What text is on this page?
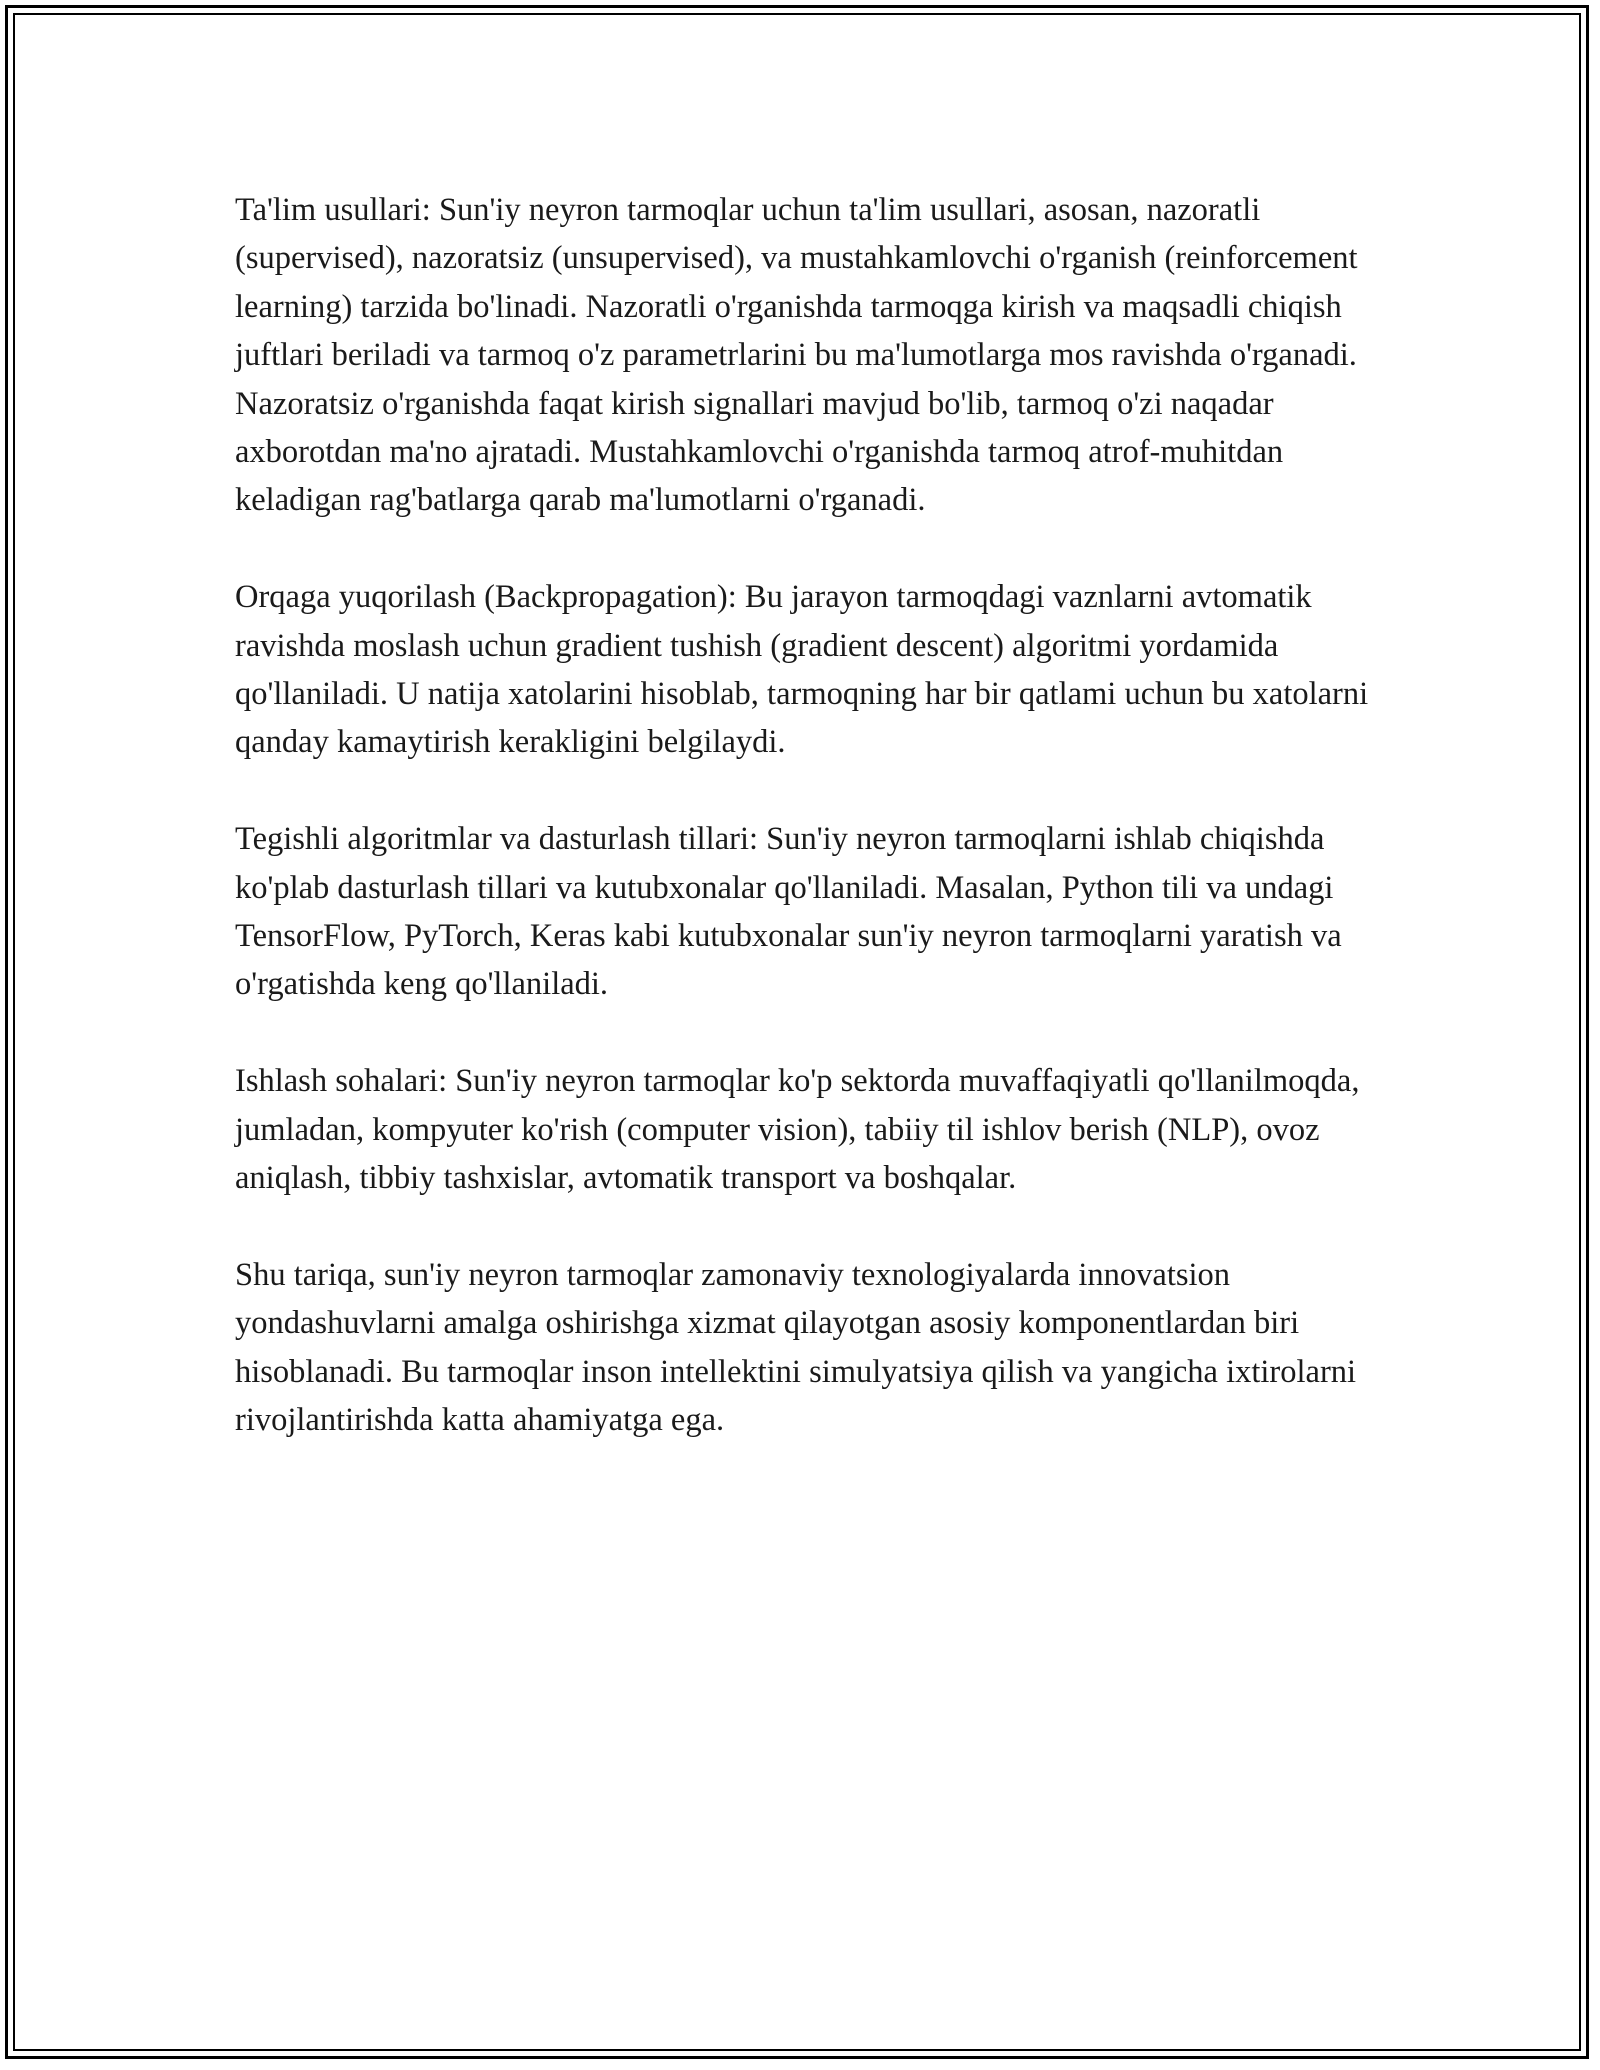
Ta'lim usullari: Sun'iy neyron tarmoqlar uchun ta'lim usullari, asosan, nazoratli (supervised), nazoratsiz (unsupervised), va mustahkamlovchi o'rganish (reinforcement learning) tarzida bo'linadi. Nazoratli o'rganishda tarmoqga kirish va maqsadli chiqish juftlari beriladi va tarmoq o'z parametrlarini bu ma'lumotlarga mos ravishda o'rganadi. Nazoratsiz o'rganishda faqat kirish signallari mavjud bo'lib, tarmoq o'zi naqadar axborotdan ma'no ajratadi. Mustahkamlovchi o'rganishda tarmoq atrof-muhitdan keladigan rag'batlarga qarab ma'lumotlarni o'rganadi.

Orqaga yuqorilash (Backpropagation): Bu jarayon tarmoqdagi vaznlarni avtomatik ravishda moslash uchun gradient tushish (gradient descent) algoritmi yordamida qo'llaniladi. U natija xatolarini hisoblab, tarmoqning har bir qatlami uchun bu xatolarni qanday kamaytirish kerakligini belgilaydi.

Tegishli algoritmlar va dasturlash tillari: Sun'iy neyron tarmoqlarni ishlab chiqishda ko'plab dasturlash tillari va kutubxonalar qo'llaniladi. Masalan, Python tili va undagi TensorFlow, PyTorch, Keras kabi kutubxonalar sun'iy neyron tarmoqlarni yaratish va o'rgatishda keng qo'llaniladi.

Ishlash sohalari: Sun'iy neyron tarmoqlar ko'p sektorda muvaffaqiyatli qo'llanilmoqda, jumladan, kompyuter ko'rish (computer vision), tabiiy til ishlov berish (NLP), ovoz aniqlash, tibbiy tashxislar, avtomatik transport va boshqalar.

Shu tariqa, sun'iy neyron tarmoqlar zamonaviy texnologiyalarda innovatsion yondashuvlarni amalga oshirishga xizmat qilayotgan asosiy komponentlardan biri hisoblanadi. Bu tarmoqlar inson intellektini simulyatsiya qilish va yangicha ixtirolarni rivojlantirishda katta ahamiyatga ega.
